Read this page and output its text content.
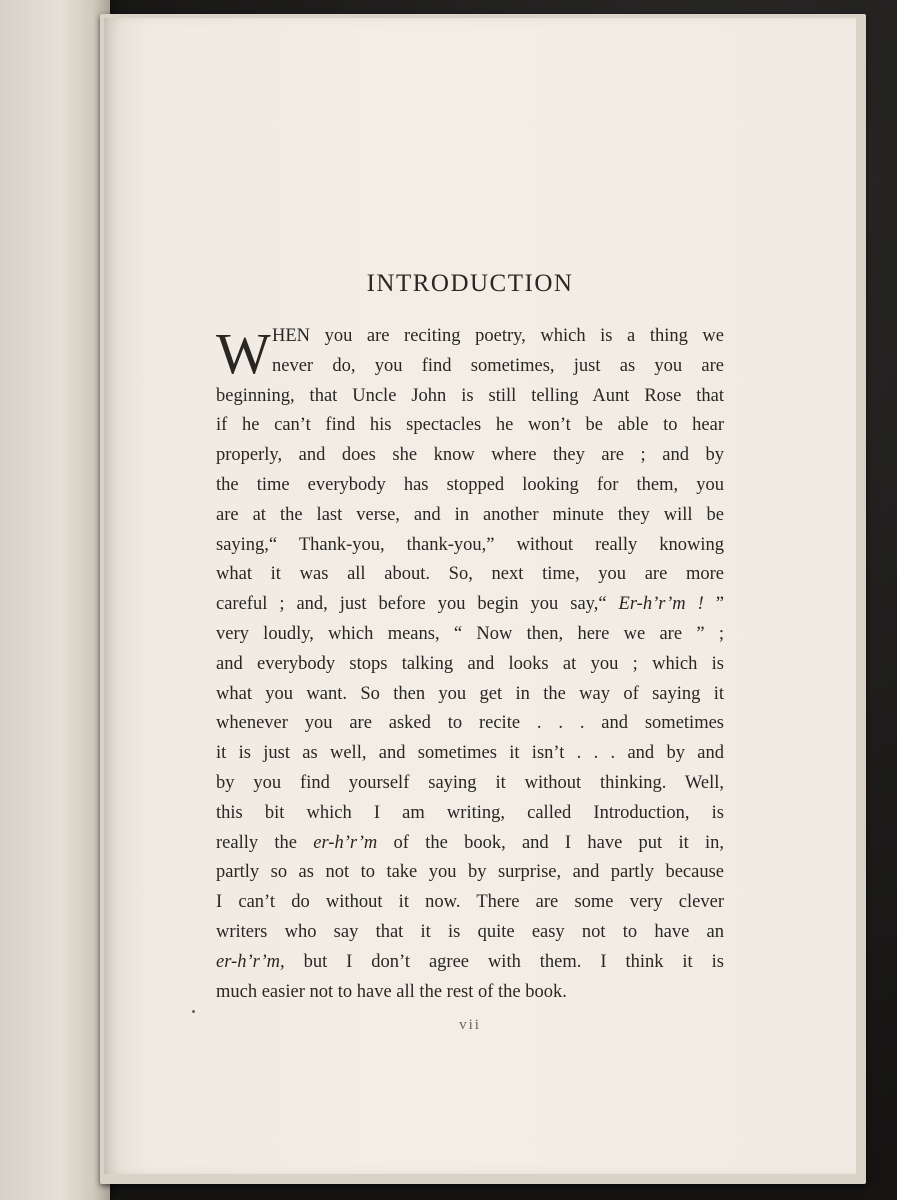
INTRODUCTION
W HEN you are reciting poetry, which is a thing we
never do, you find sometimes, just as you are
beginning, that Uncle John is still telling Aunt Rose that
if he can’t find his spectacles he won’t be able to hear
properly, and does she know where they are ; and by
the time everybody has stopped looking for them, you
are at the last verse, and in another minute they will be
saying,“ Thank-you, thank-you,” without really knowing
what it was all about. So, next time, you are more
careful ; and, just before you begin you say,“ Er-h’r’m ! ”
very loudly, which means, “ Now then, here we are ” ;
and everybody stops talking and looks at you ; which is
what you want. So then you get in the way of saying it
whenever you are asked to recite . . . and sometimes
it is just as well, and sometimes it isn’t . . . and by and
by you find yourself saying it without thinking. Well,
this bit which I am writing, called Introduction, is
really the er-h’r’m of the book, and I have put it in,
partly so as not to take you by surprise, and partly because
I can’t do without it now. There are some very clever
writers who say that it is quite easy not to have an
er-h’r’m, but I don’t agree with them. I think it is
much easier not to have all the rest of the book.
vii
